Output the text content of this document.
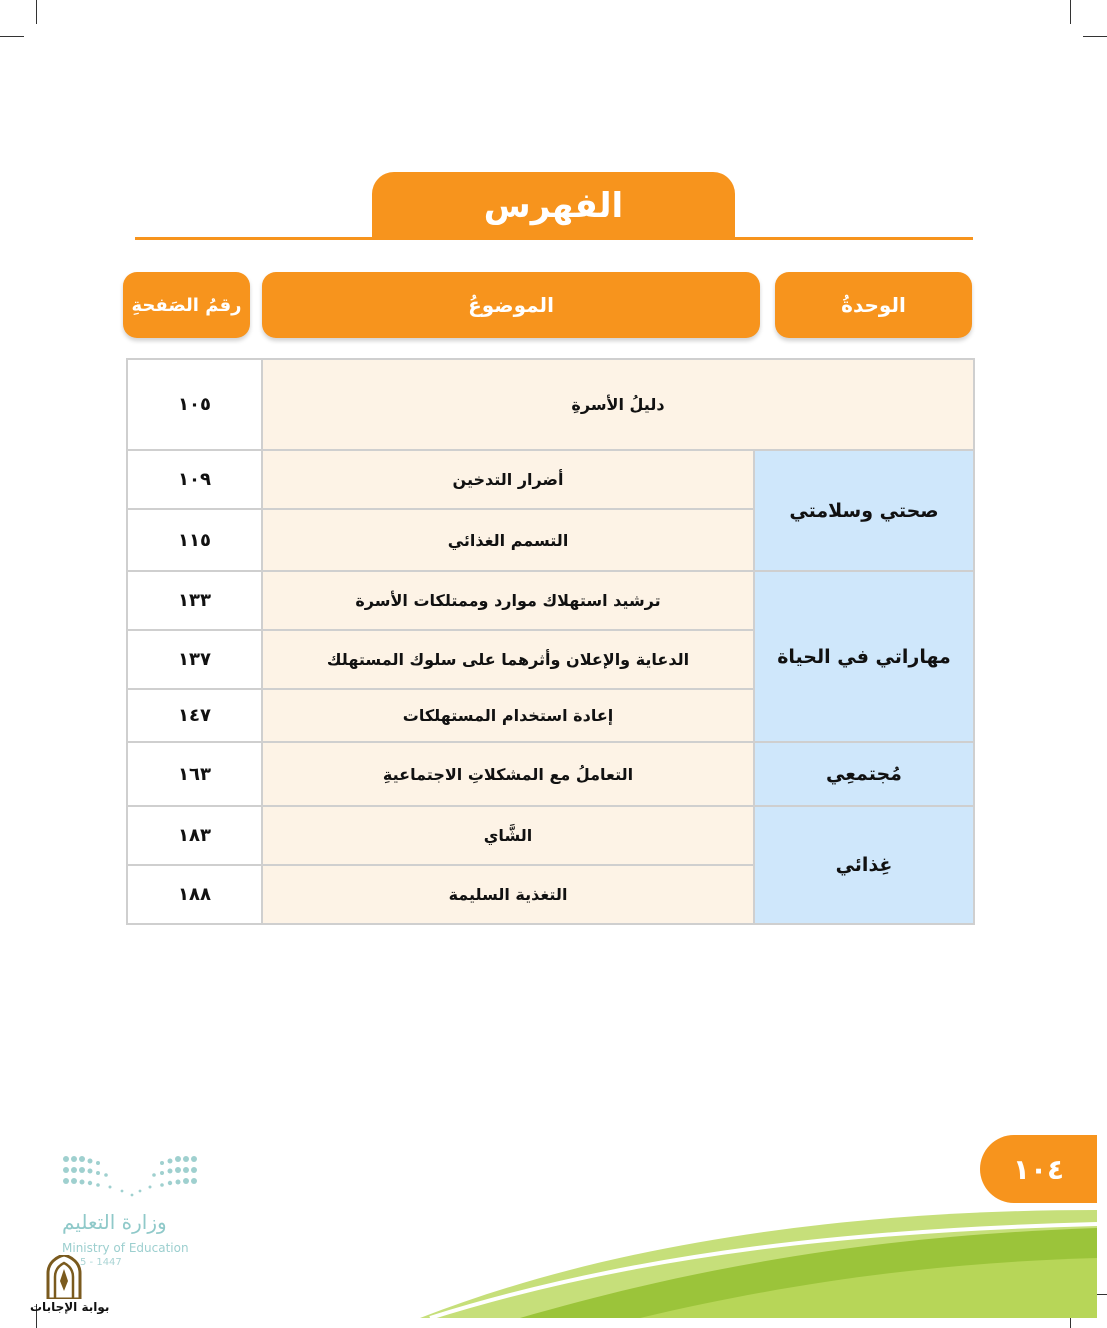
الفهرس
الوحدةُ
الموضوعُ
رقمُ الصَفحةِ
دليلُ الأسرةِ		١٠٥
صحتي وسلامتي	أضرار التدخين	١٠٩
	التسمم الغذائي	١١٥
مهاراتي في الحياة	ترشيد استهلاك موارد وممتلكات الأسرة	١٣٣
	الدعاية والإعلان وأثرهما على سلوك المستهلك	١٣٧
	إعادة استخدام المستهلكات	١٤٧
مُجتمعِي	التعاملُ مع المشكلاتِ الاجتماعيةِ	١٦٣
غِذائي	الشَّاي	١٨٣
	التغذية السليمة	١٨٨
١٠٤
وزارة التعليم
Ministry of Education
5 - 1447
بوابة الإجابات
